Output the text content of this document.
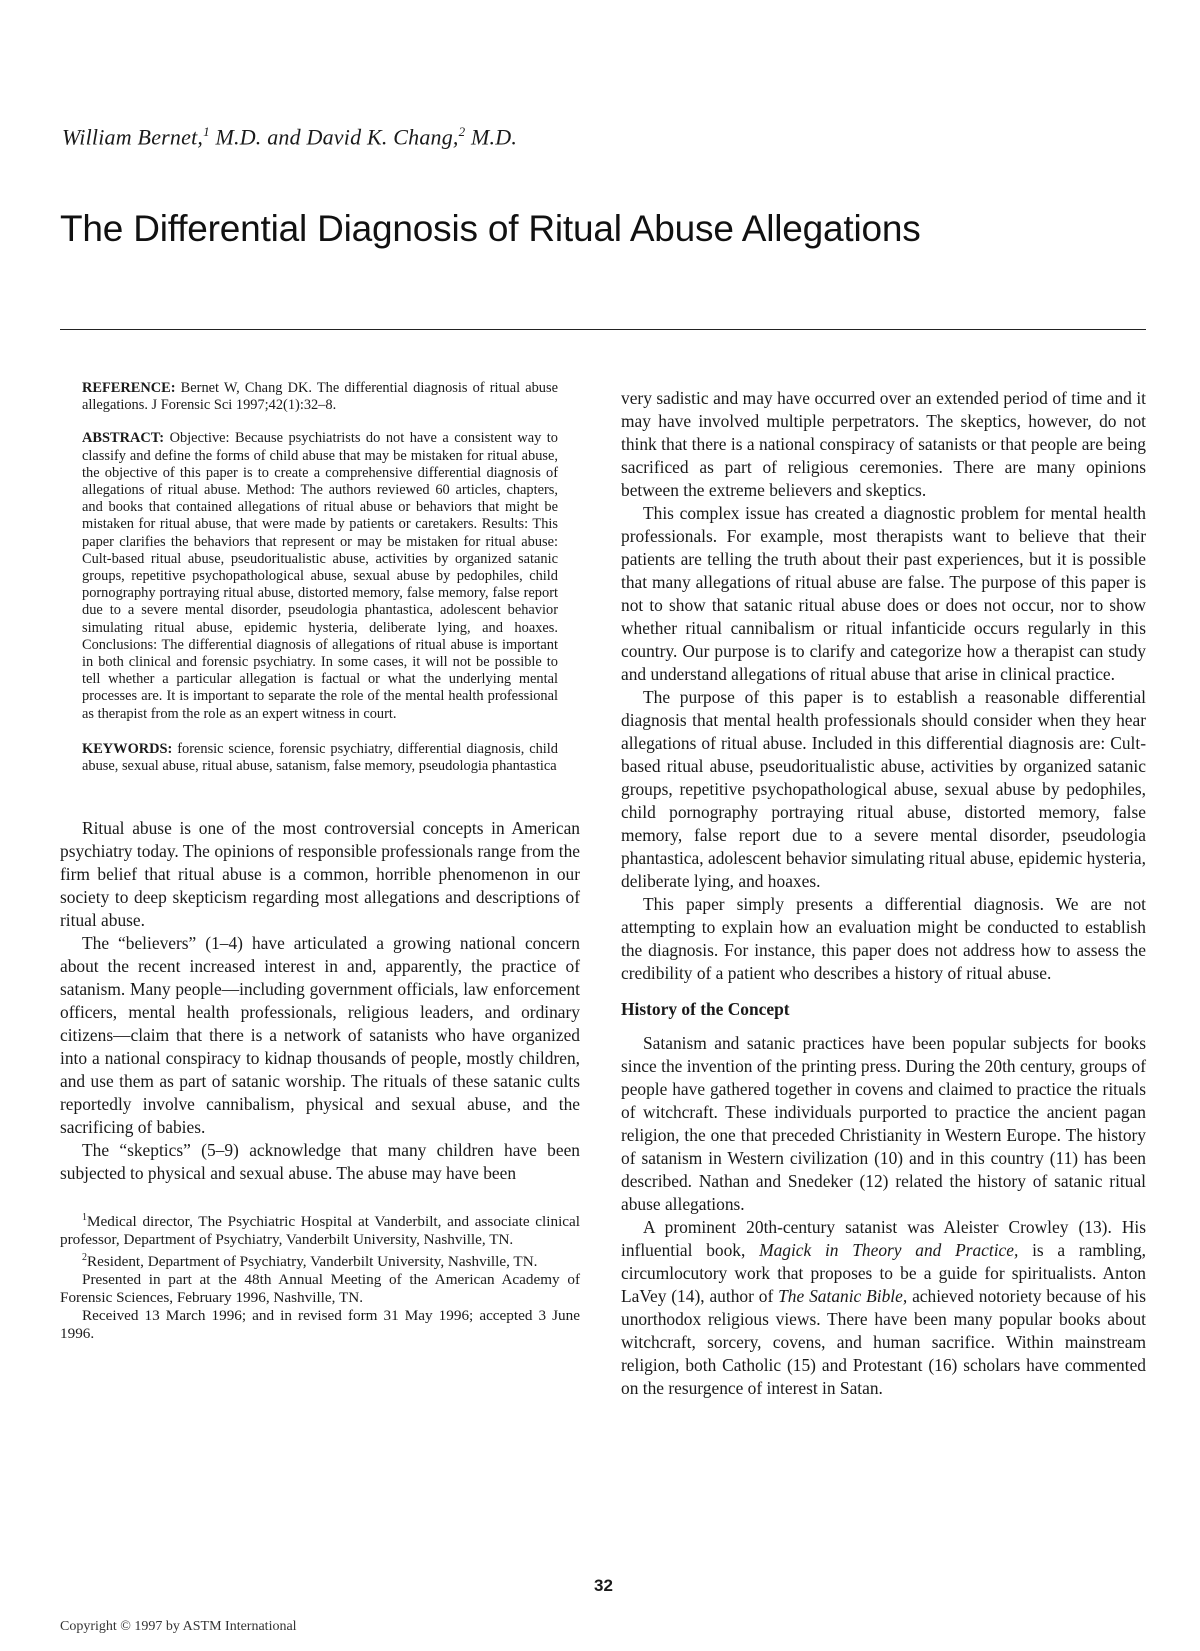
William Bernet,$^1$ M.D. and David K. Chang,$^2$ M.D.
The Differential Diagnosis of Ritual Abuse Allegations

REFERENCE: Bernet W, Chang DK. The differential diagnosis of ritual abuse allegations. J Forensic Sci 1997;42(1):32–8.

ABSTRACT: Objective: Because psychiatrists do not have a consistent way to classify and define the forms of child abuse that may be mistaken for ritual abuse, the objective of this paper is to create a comprehensive differential diagnosis of allegations of ritual abuse. Method: The authors reviewed 60 articles, chapters, and books that contained allegations of ritual abuse or behaviors that might be mistaken for ritual abuse, that were made by patients or caretakers. Results: This paper clarifies the behaviors that represent or may be mistaken for ritual abuse: Cult-based ritual abuse, pseudoritualistic abuse, activities by organized satanic groups, repetitive psychopathological abuse, sexual abuse by pedophiles, child pornography portraying ritual abuse, distorted memory, false memory, false report due to a severe mental disorder, pseudologia phantastica, adolescent behavior simulating ritual abuse, epidemic hysteria, deliberate lying, and hoaxes. Conclusions: The differential diagnosis of allegations of ritual abuse is important in both clinical and forensic psychiatry. In some cases, it will not be possible to tell whether a particular allegation is factual or what the underlying mental processes are. It is important to separate the role of the mental health professional as therapist from the role as an expert witness in court.

KEYWORDS: forensic science, forensic psychiatry, differential diagnosis, child abuse, sexual abuse, ritual abuse, satanism, false memory, pseudologia phantastica

Ritual abuse is one of the most controversial concepts in American psychiatry today. The opinions of responsible professionals range from the firm belief that ritual abuse is a common, horrible phenomenon in our society to deep skepticism regarding most allegations and descriptions of ritual abuse.

The “believers” (1–4) have articulated a growing national concern about the recent increased interest in and, apparently, the practice of satanism. Many people—including government officials, law enforcement officers, mental health professionals, religious leaders, and ordinary citizens—claim that there is a network of satanists who have organized into a national conspiracy to kidnap thousands of people, mostly children, and use them as part of satanic worship. The rituals of these satanic cults reportedly involve cannibalism, physical and sexual abuse, and the sacrificing of babies.

The “skeptics” (5–9) acknowledge that many children have been subjected to physical and sexual abuse. The abuse may have been

$^1$Medical director, The Psychiatric Hospital at Vanderbilt, and associate clinical professor, Department of Psychiatry, Vanderbilt University, Nashville, TN.

$^2$Resident, Department of Psychiatry, Vanderbilt University, Nashville, TN.

Presented in part at the 48th Annual Meeting of the American Academy of Forensic Sciences, February 1996, Nashville, TN.

Received 13 March 1996; and in revised form 31 May 1996; accepted 3 June 1996.

very sadistic and may have occurred over an extended period of time and it may have involved multiple perpetrators. The skeptics, however, do not think that there is a national conspiracy of satanists or that people are being sacrificed as part of religious ceremonies. There are many opinions between the extreme believers and skeptics.

This complex issue has created a diagnostic problem for mental health professionals. For example, most therapists want to believe that their patients are telling the truth about their past experiences, but it is possible that many allegations of ritual abuse are false. The purpose of this paper is not to show that satanic ritual abuse does or does not occur, nor to show whether ritual cannibalism or ritual infanticide occurs regularly in this country. Our purpose is to clarify and categorize how a therapist can study and understand allegations of ritual abuse that arise in clinical practice.

The purpose of this paper is to establish a reasonable differential diagnosis that mental health professionals should consider when they hear allegations of ritual abuse. Included in this differential diagnosis are: Cult-based ritual abuse, pseudoritualistic abuse, activities by organized satanic groups, repetitive psychopathological abuse, sexual abuse by pedophiles, child pornography portraying ritual abuse, distorted memory, false memory, false report due to a severe mental disorder, pseudologia phantastica, adolescent behavior simulating ritual abuse, epidemic hysteria, deliberate lying, and hoaxes.

This paper simply presents a differential diagnosis. We are not attempting to explain how an evaluation might be conducted to establish the diagnosis. For instance, this paper does not address how to assess the credibility of a patient who describes a history of ritual abuse.

History of the Concept

Satanism and satanic practices have been popular subjects for books since the invention of the printing press. During the 20th century, groups of people have gathered together in covens and claimed to practice the rituals of witchcraft. These individuals purported to practice the ancient pagan religion, the one that preceded Christianity in Western Europe. The history of satanism in Western civilization (10) and in this country (11) has been described. Nathan and Snedeker (12) related the history of satanic ritual abuse allegations.

A prominent 20th-century satanist was Aleister Crowley (13). His influential book, Magick in Theory and Practice, is a rambling, circumlocutory work that proposes to be a guide for spiritualists. Anton LaVey (14), author of The Satanic Bible, achieved notoriety because of his unorthodox religious views. There have been many popular books about witchcraft, sorcery, covens, and human sacrifice. Within mainstream religion, both Catholic (15) and Protestant (16) scholars have commented on the resurgence of interest in Satan.

32
Copyright © 1997 by ASTM International
